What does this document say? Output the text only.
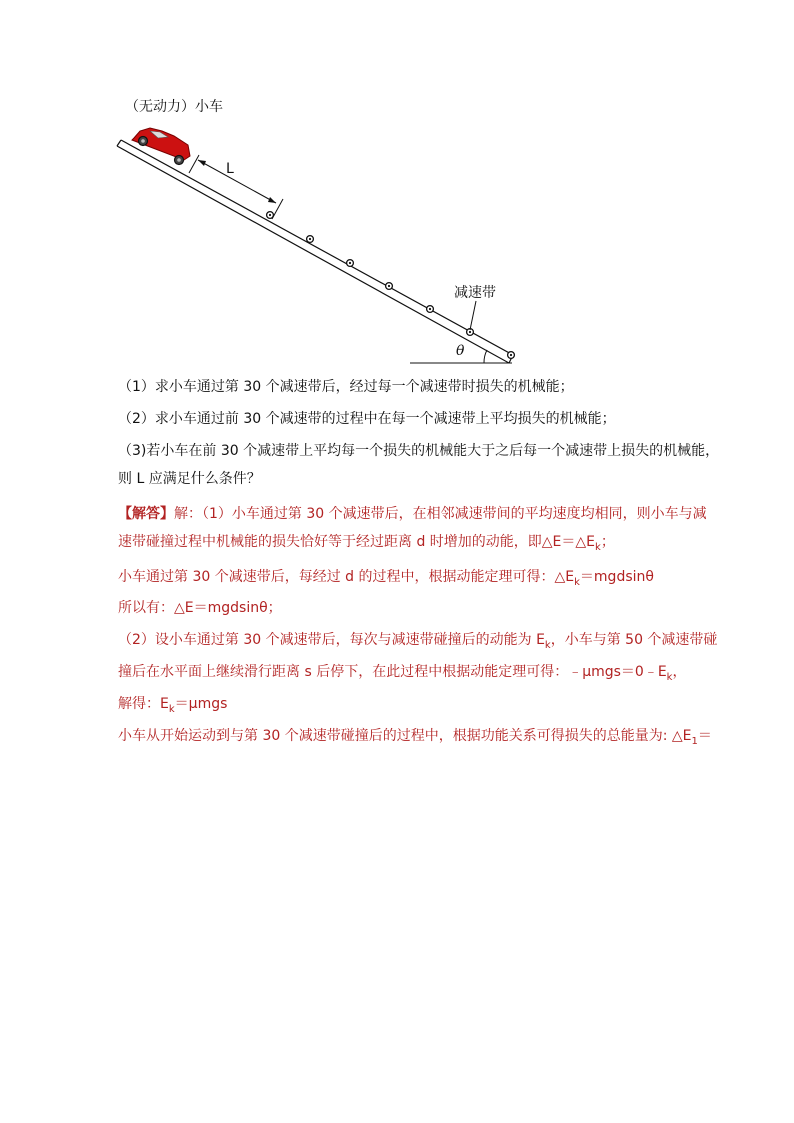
（无动力）小车
θ
L
减速带
（1）求小车通过第 30 个减速带后，经过每一个减速带时损失的机械能；
（2）求小车通过前 30 个减速带的过程中在每一个减速带上平均损失的机械能；
（3)若小车在前 30 个减速带上平均每一个损失的机械能大于之后每一个减速带上损失的机械能，
则 L 应满足什么条件？
【解答】解：（1）小车通过第 30 个减速带后，在相邻减速带间的平均速度均相同，则小车与减
速带碰撞过程中机械能的损失恰好等于经过距离 d 时增加的动能，即$\triangle E=\triangle E_k$；
小车通过第 30 个减速带后，每经过 d 的过程中，根据动能定理可得：$\triangle E_k=mgdsin\theta$
所以有：△E＝mgdsinθ；
（2）设小车通过第 30 个减速带后，每次与减速带碰撞后的动能为 $E_k$，小车与第 50 个减速带碰
撞后在水平面上继续滑行距离 s 后停下，在此过程中根据动能定理可得：$﹣\mu mgs=0﹣E_k$，
解得：$E_k=\mu mgs$
小车从开始运动到与第 30 个减速带碰撞后的过程中，根据功能关系可得损失的总能量为: $\triangle E_1=$
